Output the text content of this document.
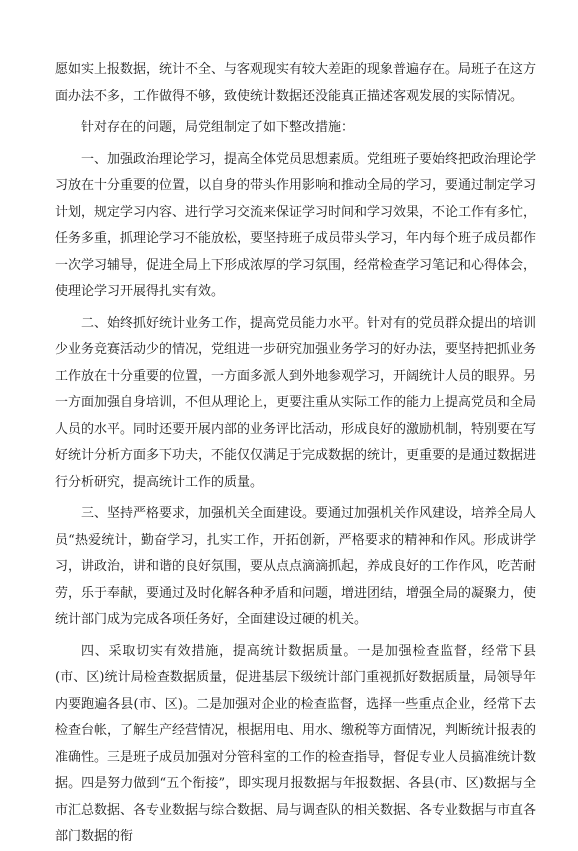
愿如实上报数据，统计不全、与客观现实有较大差距的现象普遍存在。局班子在这方面办法不多，工作做得不够，致使统计数据还没能真正描述客观发展的实际情况。

针对存在的问题，局党组制定了如下整改措施：

一、加强政治理论学习，提高全体党员思想素质。党组班子要始终把政治理论学习放在十分重要的位置，以自身的带头作用影响和推动全局的学习，要通过制定学习计划，规定学习内容、进行学习交流来保证学习时间和学习效果，不论工作有多忙，任务多重，抓理论学习不能放松，要坚持班子成员带头学习，年内每个班子成员都作一次学习辅导，促进全局上下形成浓厚的学习氛围，经常检查学习笔记和心得体会，使理论学习开展得扎实有效。

二、始终抓好统计业务工作，提高党员能力水平。针对有的党员群众提出的培训少业务竞赛活动少的情况，党组进一步研究加强业务学习的好办法，要坚持把抓业务工作放在十分重要的位置，一方面多派人到外地参观学习，开阔统计人员的眼界。另一方面加强自身培训，不但从理论上，更要注重从实际工作的能力上提高党员和全局人员的水平。同时还要开展内部的业务评比活动，形成良好的激励机制，特别要在写好统计分析方面多下功夫，不能仅仅满足于完成数据的统计，更重要的是通过数据进行分析研究，提高统计工作的质量。

三、坚持严格要求，加强机关全面建设。要通过加强机关作风建设，培养全局人员“热爱统计，勤奋学习，扎实工作，开拓创新，严格要求的精神和作风。形成讲学习，讲政治，讲和谐的良好氛围，要从点点滴滴抓起，养成良好的工作作风，吃苦耐劳，乐于奉献，要通过及时化解各种矛盾和问题，增进团结，增强全局的凝聚力，使统计部门成为完成各项任务好，全面建设过硬的机关。

四、采取切实有效措施，提高统计数据质量。一是加强检查监督，经常下县(市、区)统计局检查数据质量，促进基层下级统计部门重视抓好数据质量，局领导年内要跑遍各县(市、区)。二是加强对企业的检查监督，选择一些重点企业，经常下去检查台帐，了解生产经营情况，根据用电、用水、缴税等方面情况，判断统计报表的准确性。三是班子成员加强对分管科室的工作的检查指导，督促专业人员搞准统计数据。四是努力做到“五个衔接”，即实现月报数据与年报数据、各县(市、区)数据与全市汇总数据、各专业数据与综合数据、局与调查队的相关数据、各专业数据与市直各部门数据的衔
